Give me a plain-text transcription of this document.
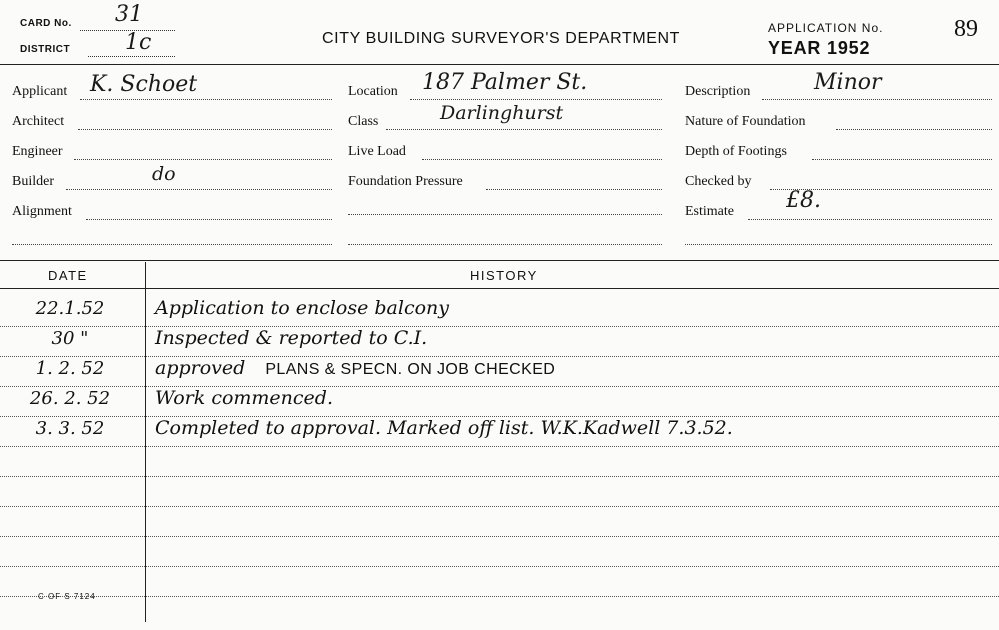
CARD No. 31
DISTRICT 1c	CITY BUILDING SURVEYOR'S DEPARTMENT
APPLICATION No.	89
YEAR 1952
Applicant K. Schoet
Architect
Engineer
Builder	do
Alignment
Location 187 Palmer St.
Class	Darlinghurst
Live Load
Foundation Pressure
Description	Minor
Nature of Foundation
Depth of Footings
Checked by
Estimate £8.
DATE	HISTORY
22.1.52	Application to enclose balcony
30 "	Inspected & reported to C.I.
1. 2. 52	approved PLANS & SPECN. ON JOB CHECKED
26. 2. 52	Work commenced.
3. 3. 52	Completed to approval. Marked off list. W.K.Kadwell 7.3.52.
C OF S 7124
